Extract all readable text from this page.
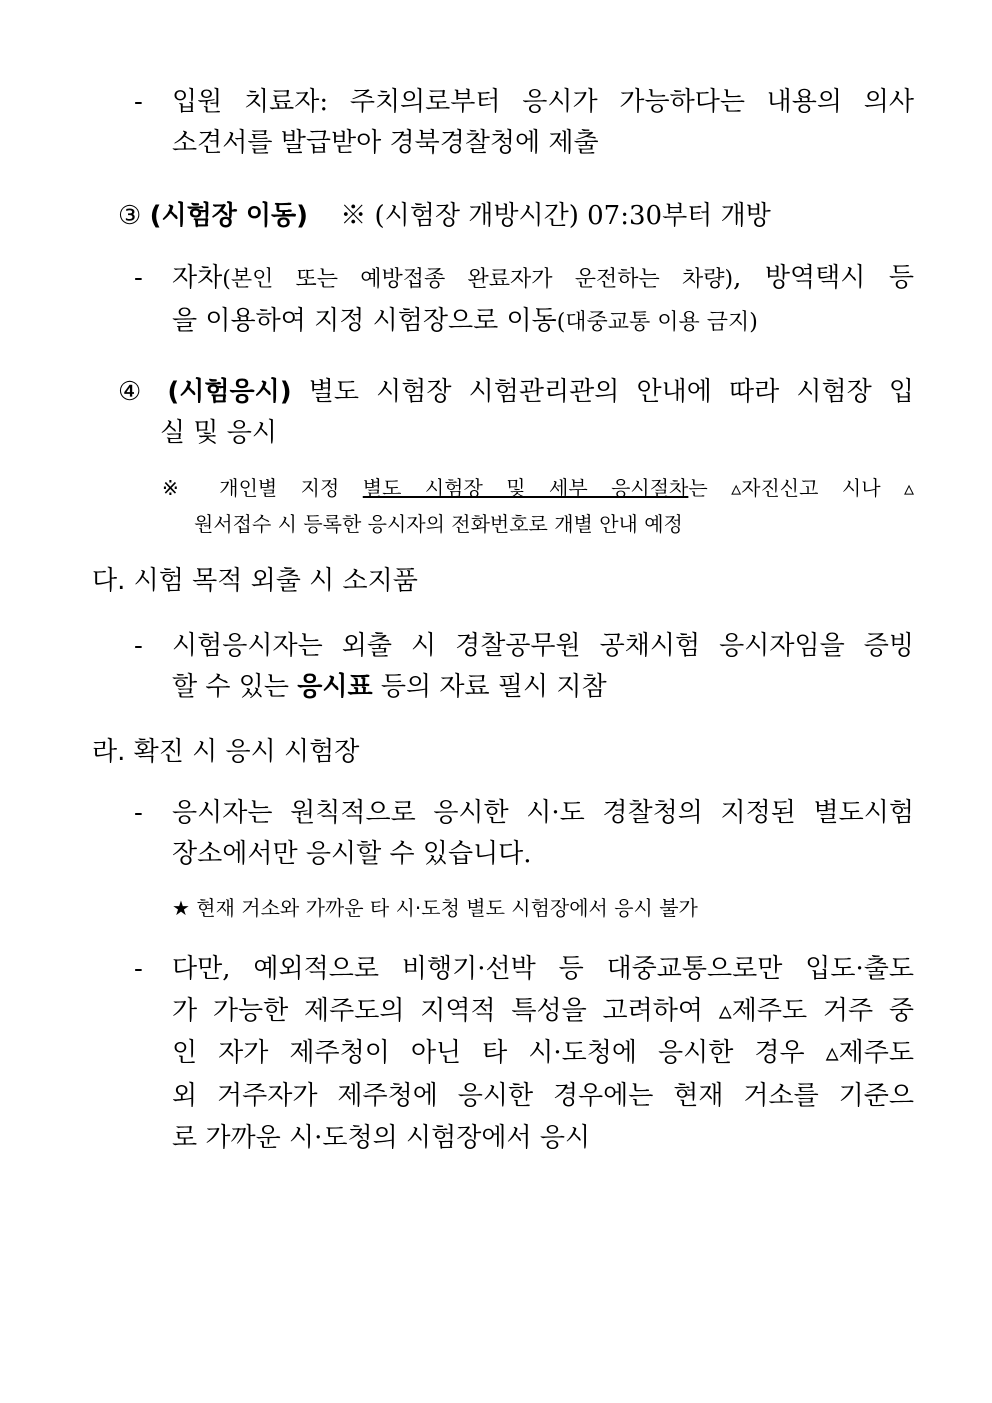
- 입원 치료자: 주치의로부터 응시가 가능하다는 내용의 의사
소견서를 발급받아 경북경찰청에 제출
③ (시험장 이동) ※ (시험장 개방시간) 07:30부터 개방
- 자차(본인 또는 예방접종 완료자가 운전하는 차량), 방역택시 등
을 이용하여 지정 시험장으로 이동(대중교통 이용 금지)
④ (시험응시) 별도 시험장 시험관리관의 안내에 따라 시험장 입
실 및 응시
※ 개인별 지정 별도 시험장 및 세부 응시절차는 ▵자진신고 시나 ▵
원서접수 시 등록한 응시자의 전화번호로 개별 안내 예정
다. 시험 목적 외출 시 소지품
- 시험응시자는 외출 시 경찰공무원 공채시험 응시자임을 증빙
할 수 있는 응시표 등의 자료 필시 지참
라. 확진 시 응시 시험장
- 응시자는 원칙적으로 응시한 시·도 경찰청의 지정된 별도시험
장소에서만 응시할 수 있습니다.
★ 현재 거소와 가까운 타 시·도청 별도 시험장에서 응시 불가
- 다만, 예외적으로 비행기·선박 등 대중교통으로만 입도·출도
가 가능한 제주도의 지역적 특성을 고려하여 ▵제주도 거주 중
인 자가 제주청이 아닌 타 시·도청에 응시한 경우 ▵제주도
외 거주자가 제주청에 응시한 경우에는 현재 거소를 기준으
로 가까운 시·도청의 시험장에서 응시
